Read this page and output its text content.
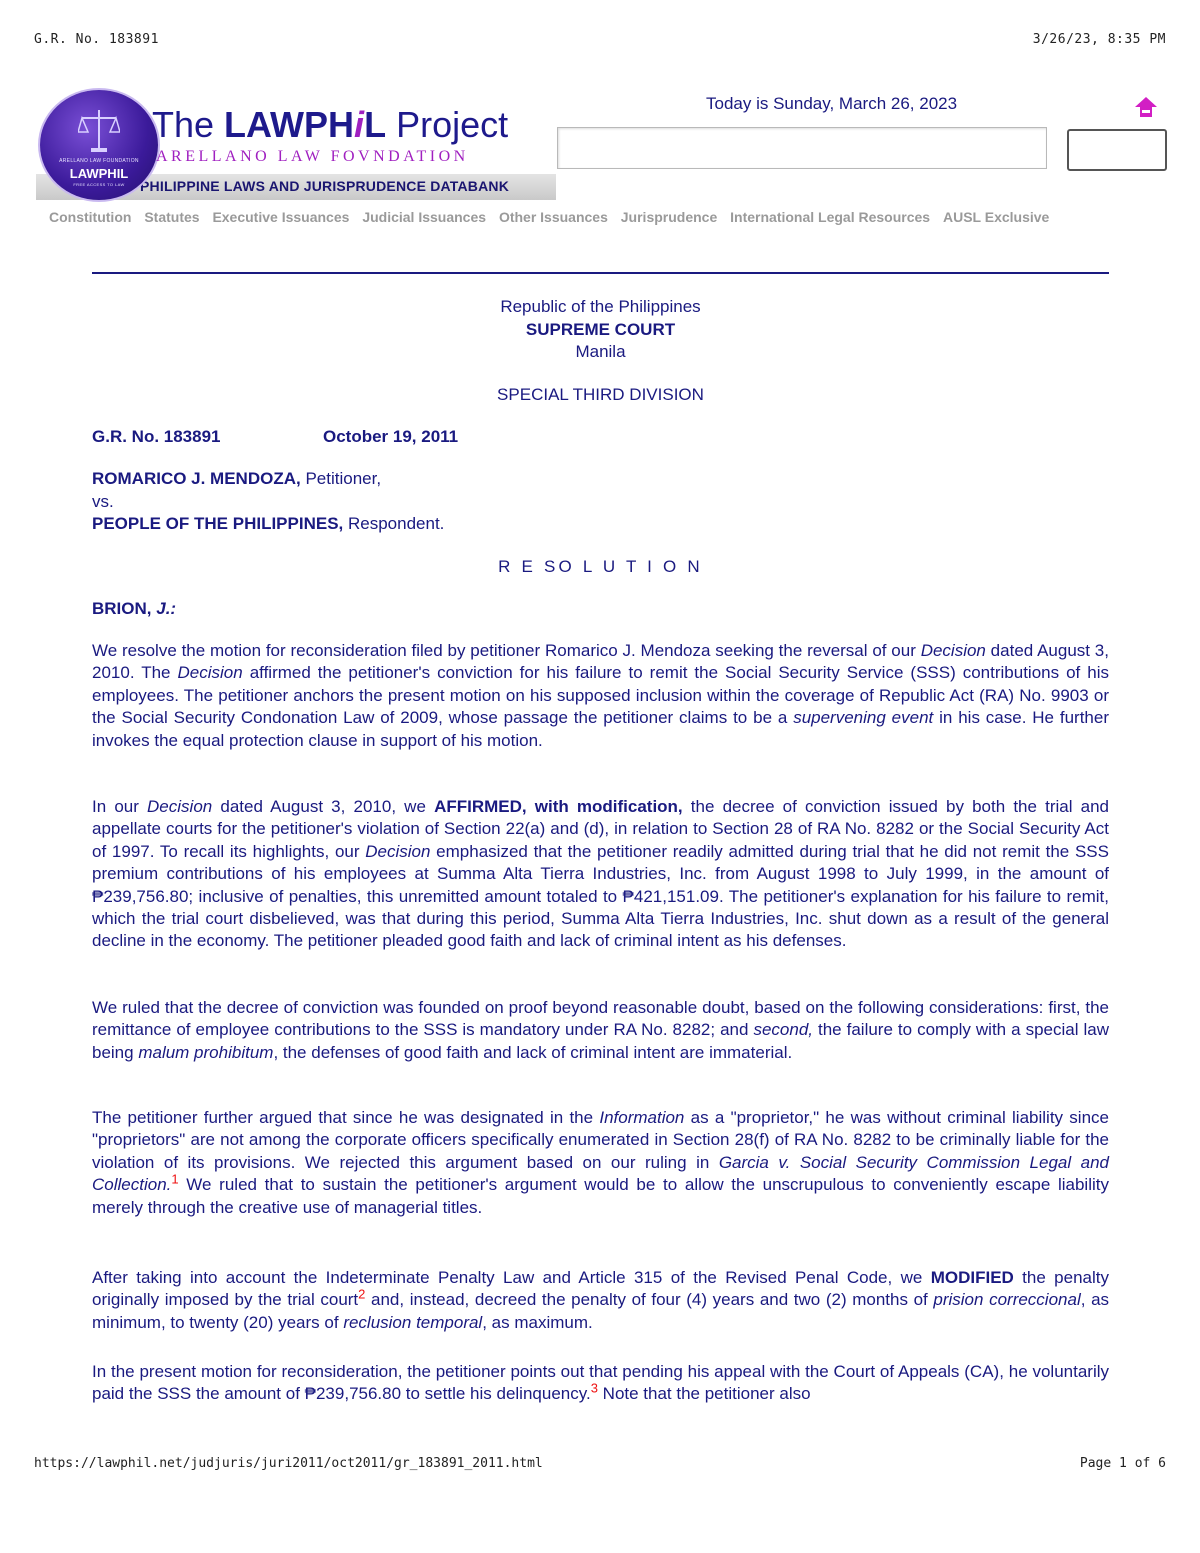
G.R. No. 183891	3/26/23, 8:35 PM
PHILIPPINE LAWS AND JURISPRUDENCE DATABANK
ARELLANO LAW FOUNDATION
LAWPHIL
FREE ACCESS TO LAW
The LAWPHiL Project
ARELLANO LAW FOVNDATION
Today is Sunday, March 26, 2023
Constitution Statutes Executive Issuances Judicial Issuances Other Issuances Jurisprudence International Legal Resources AUSL Exclusive
Republic of the Philippines
SUPREME COURT
Manila
SPECIAL THIRD DIVISION
G.R. No. 183891	October 19, 2011
ROMARICO J. MENDOZA, Petitioner,
vs.
PEOPLE OF THE PHILIPPINES, Respondent.
R E SO L U T I O N
BRION, J.:

We resolve the motion for reconsideration filed by petitioner Romarico J. Mendoza seeking the reversal of our Decision dated August 3, 2010. The Decision affirmed the petitioner's conviction for his failure to remit the Social Security Service (SSS) contributions of his employees. The petitioner anchors the present motion on his supposed inclusion within the coverage of Republic Act (RA) No. 9903 or the Social Security Condonation Law of 2009, whose passage the petitioner claims to be a supervening event in his case. He further invokes the equal protection clause in support of his motion.

In our Decision dated August 3, 2010, we AFFIRMED, with modification, the decree of conviction issued by both the trial and appellate courts for the petitioner's violation of Section 22(a) and (d), in relation to Section 28 of RA No. 8282 or the Social Security Act of 1997. To recall its highlights, our Decision emphasized that the petitioner readily admitted during trial that he did not remit the SSS premium contributions of his employees at Summa Alta Tierra Industries, Inc. from August 1998 to July 1999, in the amount of ₱239,756.80; inclusive of penalties, this unremitted amount totaled to ₱421,151.09. The petitioner's explanation for his failure to remit, which the trial court disbelieved, was that during this period, Summa Alta Tierra Industries, Inc. shut down as a result of the general decline in the economy. The petitioner pleaded good faith and lack of criminal intent as his defenses.

We ruled that the decree of conviction was founded on proof beyond reasonable doubt, based on the following considerations: first, the remittance of employee contributions to the SSS is mandatory under RA No. 8282; and second, the failure to comply with a special law being malum prohibitum, the defenses of good faith and lack of criminal intent are immaterial.

The petitioner further argued that since he was designated in the Information as a "proprietor," he was without criminal liability since "proprietors" are not among the corporate officers specifically enumerated in Section 28(f) of RA No. 8282 to be criminally liable for the violation of its provisions. We rejected this argument based on our ruling in Garcia v. Social Security Commission Legal and Collection.$^1$ We ruled that to sustain the petitioner's argument would be to allow the unscrupulous to conveniently escape liability merely through the creative use of managerial titles.

After taking into account the Indeterminate Penalty Law and Article 315 of the Revised Penal Code, we MODIFIED the penalty originally imposed by the trial court$^2$ and, instead, decreed the penalty of four (4) years and two (2) months of prision correccional, as minimum, to twenty (20) years of reclusion temporal, as maximum.

In the present motion for reconsideration, the petitioner points out that pending his appeal with the Court of Appeals (CA), he voluntarily paid the SSS the amount of ₱239,756.80 to settle his delinquency.$^3$ Note that the petitioner also

https://lawphil.net/judjuris/juri2011/oct2011/gr_183891_2011.html	Page 1 of 6
